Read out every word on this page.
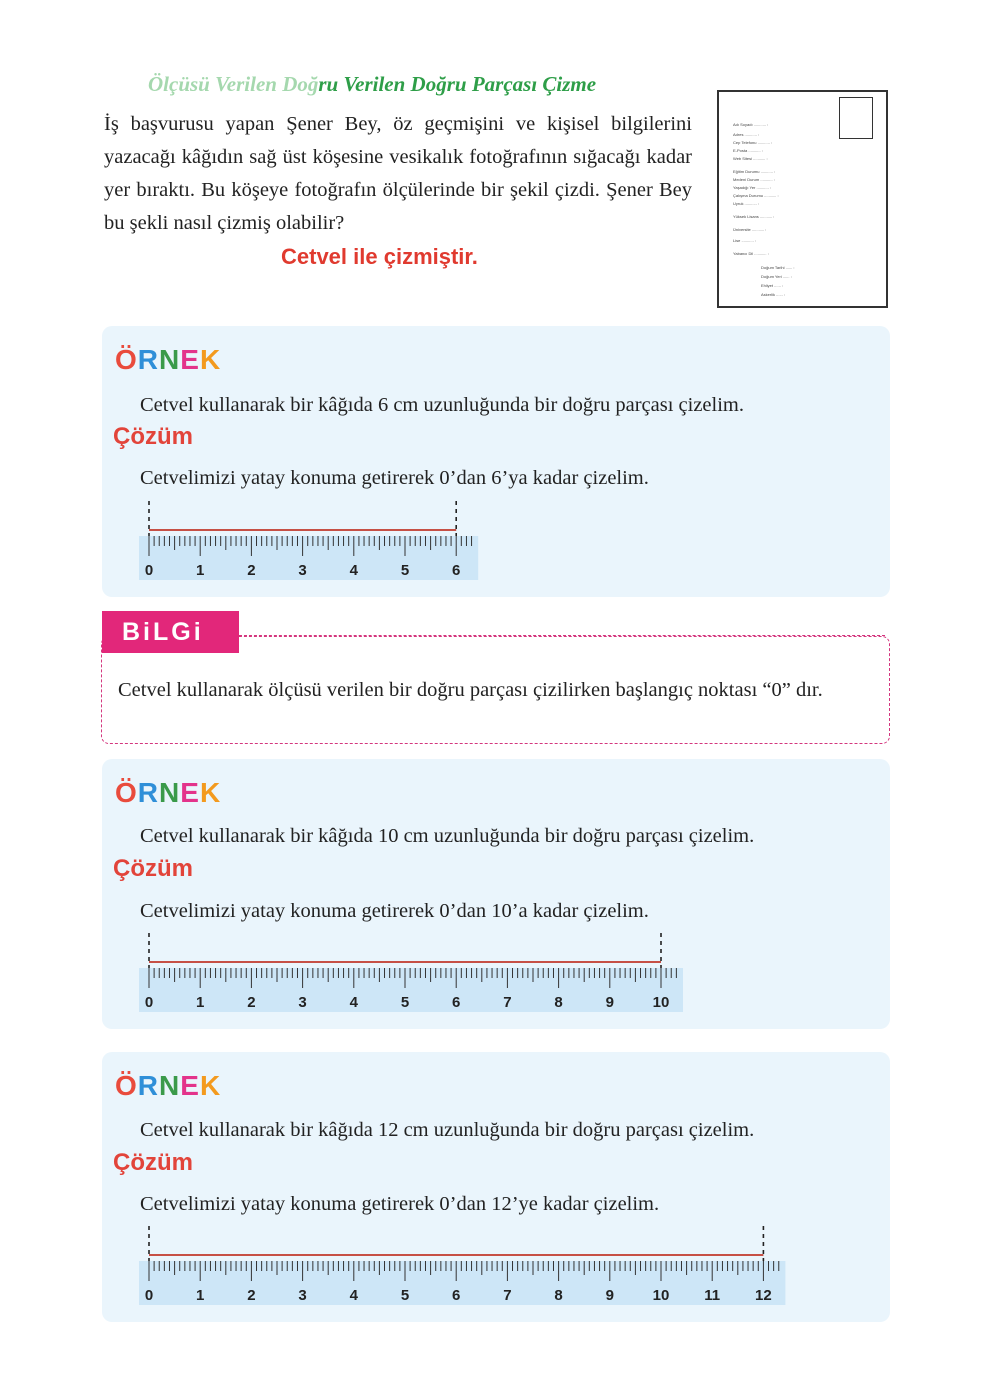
Ölçüsü Verilen Doğru Verilen Doğru Parçası Çizme
İş başvurusu yapan Şener Bey, öz geçmişini ve kişisel bilgilerini yazacağı kâğıdın sağ üst köşesine vesikalık fotoğrafının sığacağı kadar yer bıraktı. Bu köşeye fotoğrafın ölçülerinde bir şekil çizdi. Şener Bey bu şekli nasıl çizmiş olabilir?
Cetvel ile çizmiştir.
Adı Soyadı ........... :
Adres ........... :
Cep Telefonu ........... :
E-Posta ........... :
Web Sitesi ........... :
Eğitim Durumu ........... :
Medeni Durum ........... :
Yaşadığı Yer ........... :
Çalışma Durumu ........... :
Uyruk ........... :
Yüksek Lisans ........... :
Üniversite ........... :
Lise ........... :
Yabancı Dil ........... :
Doğum Tarihi ...... :
Doğum Yeri ...... :
Ehliyet ...... :
Askerlik ...... :
ÖRNEK
Cetvel kullanarak bir kâğıda 6 cm uzunluğunda bir doğru parçası çizelim.
Çözüm
Cetvelimizi yatay konuma getirerek 0’dan 6’ya kadar çizelim.
0	1	2	3	4	5	6
BiLGi
Cetvel kullanarak ölçüsü verilen bir doğru parçası çizilirken başlangıç noktası “0” dır.
ÖRNEK
Cetvel kullanarak bir kâğıda 10 cm uzunluğunda bir doğru parçası çizelim.
Çözüm
Cetvelimizi yatay konuma getirerek 0’dan 10’a kadar çizelim.
0	1	2	3	4	5	6	7	8	9	10
ÖRNEK
Cetvel kullanarak bir kâğıda 12 cm uzunluğunda bir doğru parçası çizelim.
Çözüm
Cetvelimizi yatay konuma getirerek 0’dan 12’ye kadar çizelim.
0	1	2	3	4	5	6	7	8	9	10 11 12
